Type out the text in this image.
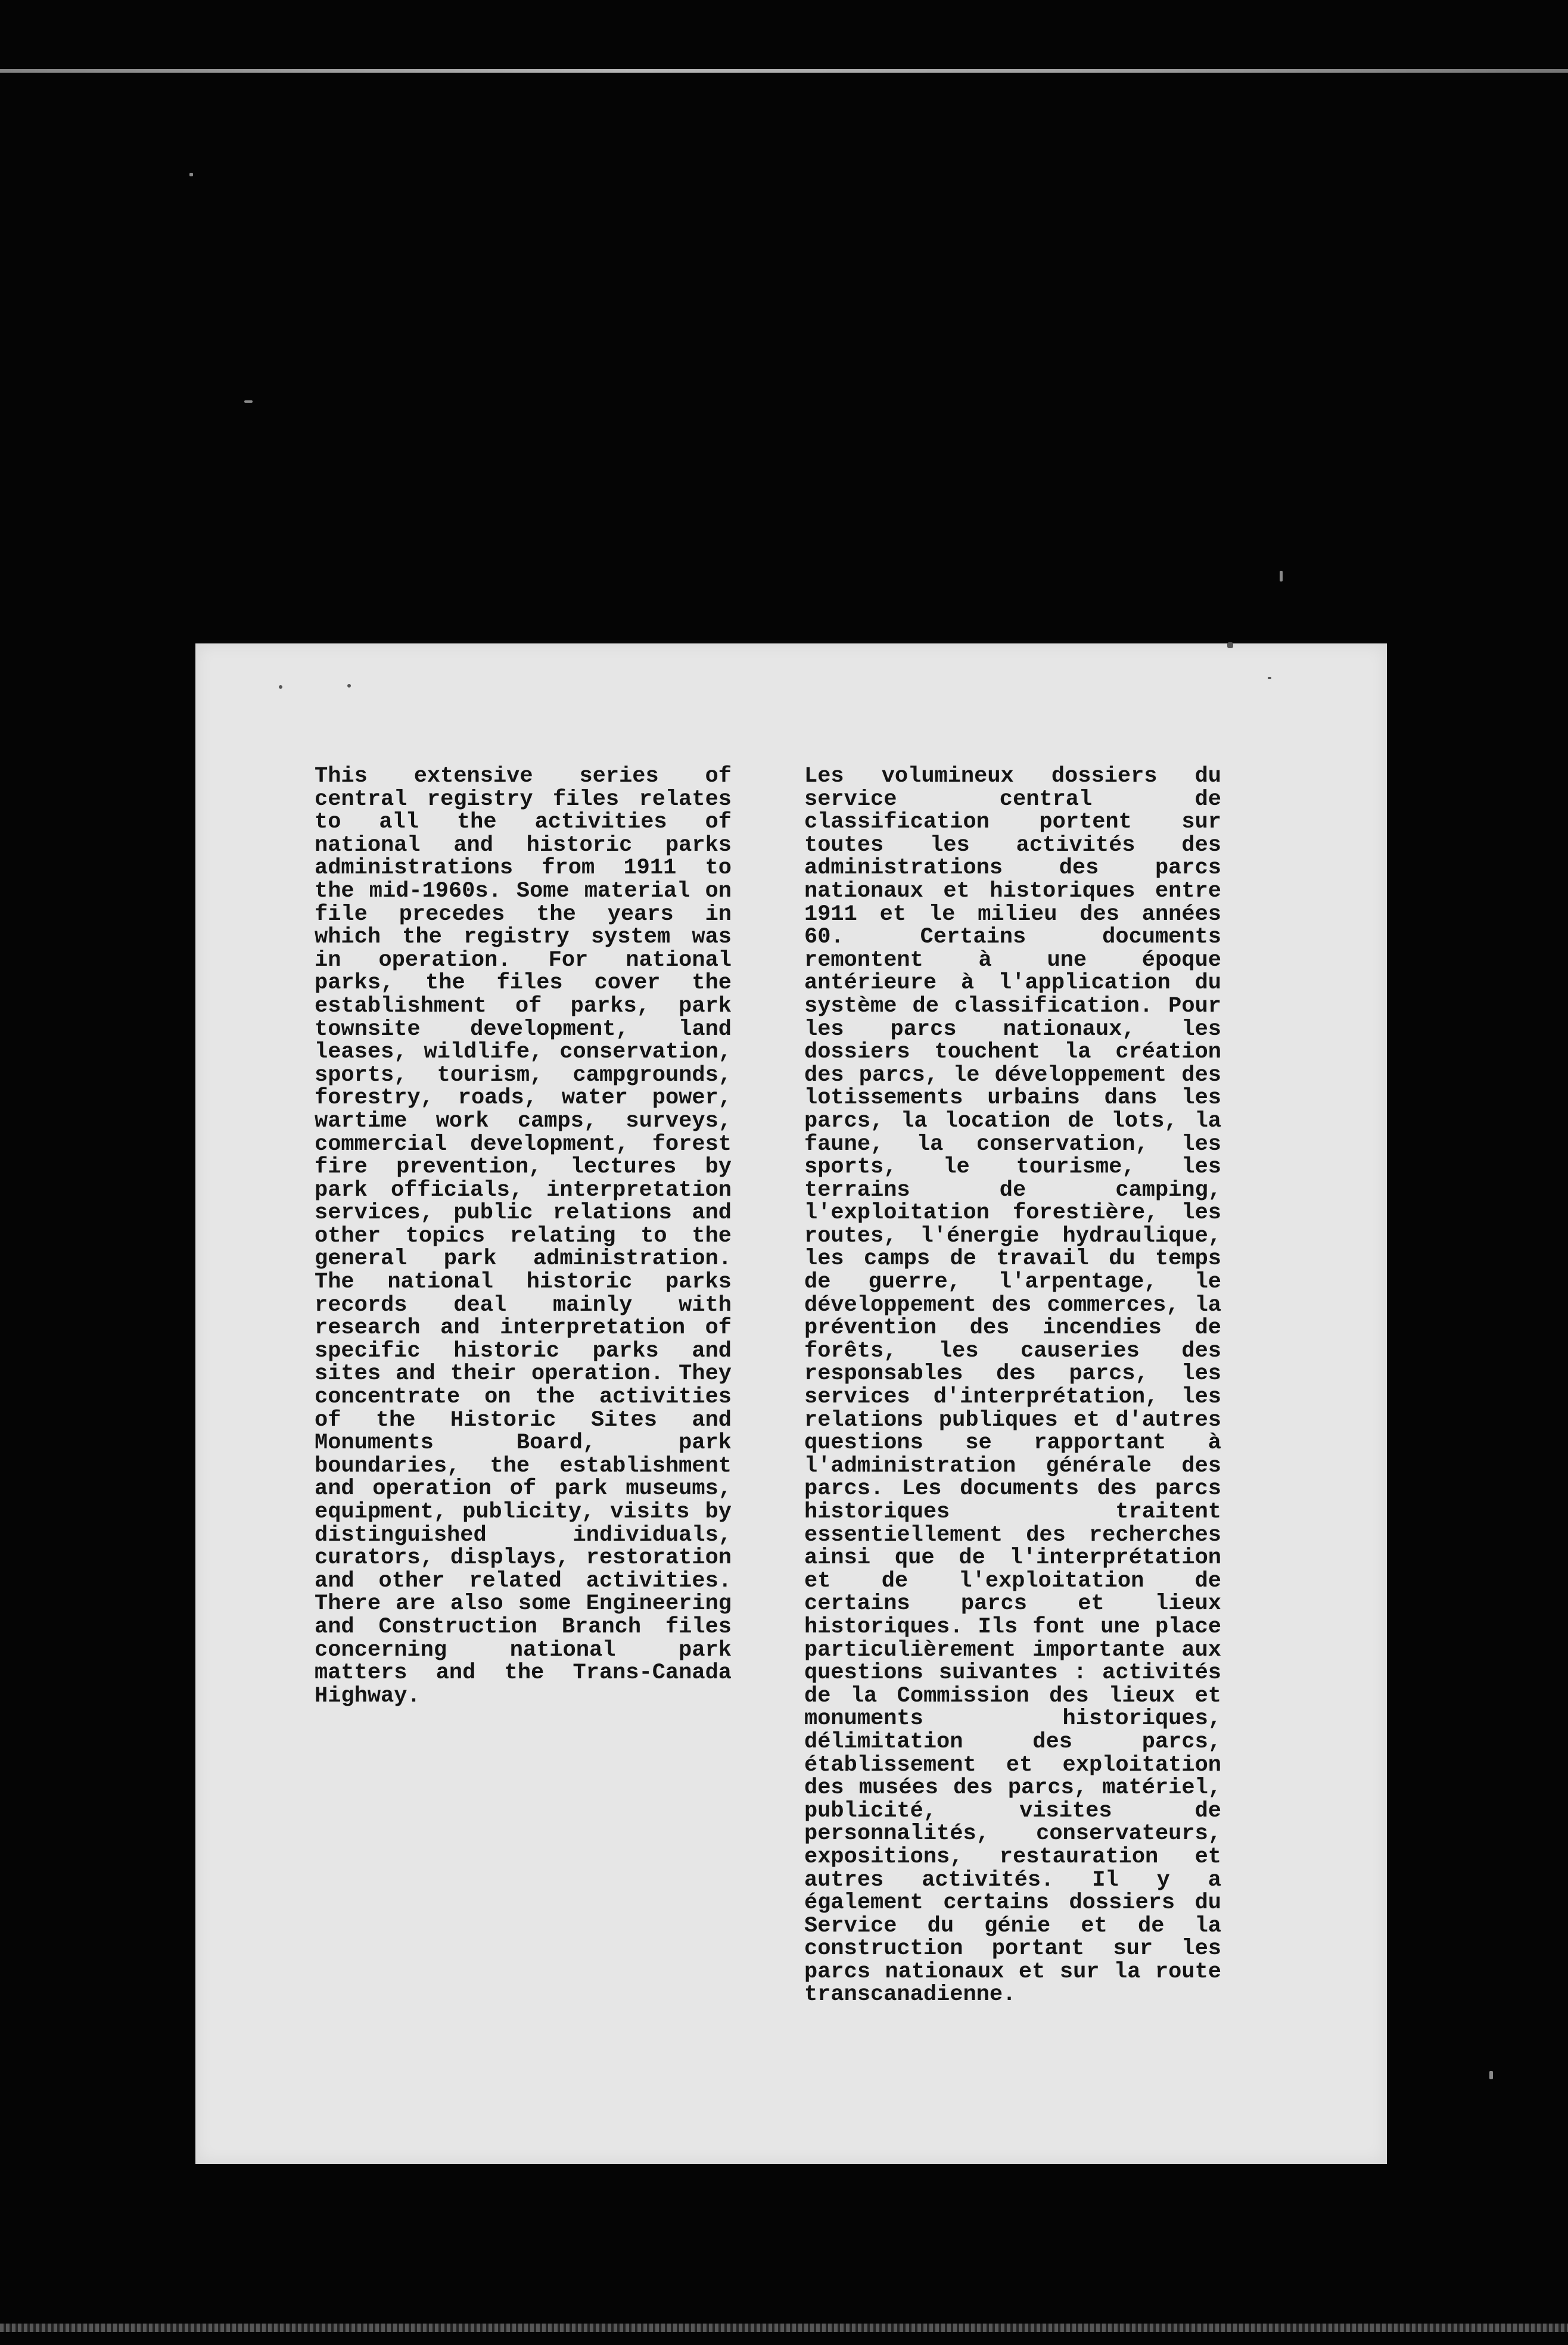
This extensive series of central registry files relates to all the activities of national and historic parks administrations from 1911 to the mid-1960s. Some material on file precedes the years in which the registry system was in operation. For national parks, the files cover the establishment of parks, park townsite development, land leases, wildlife, conservation, sports, tourism, campgrounds, forestry, roads, water power, wartime work camps, surveys, commercial development, forest fire prevention, lectures by park officials, interpretation services, public relations and other topics relating to the general park administration. The national historic parks records deal mainly with research and interpretation of specific historic parks and sites and their operation. They concentrate on the activities of the Historic Sites and Monuments Board, park boundaries, the establishment and operation of park museums, equipment, publicity, visits by distinguished individuals, curators, displays, restoration and other related activities. There are also some Engineering and Construction Branch files concerning national park matters and the Trans-Canada Highway.
Les volumineux dossiers du service central de classification portent sur toutes les activités des administrations des parcs nationaux et historiques entre 1911 et le milieu des années 60. Certains documents remontent à une époque antérieure à l'application du système de classification. Pour les parcs nationaux, les dossiers touchent la création des parcs, le développement des lotissements urbains dans les parcs, la location de lots, la faune, la conservation, les sports, le tourisme, les terrains de camping, l'exploitation forestière, les routes, l'énergie hydraulique, les camps de travail du temps de guerre, l'arpentage, le développement des commerces, la prévention des incendies de forêts, les causeries des responsables des parcs, les services d'interprétation, les relations publiques et d'autres questions se rapportant à l'administration générale des parcs. Les documents des parcs historiques traitent essentiellement des recherches ainsi que de l'interprétation et de l'exploitation de certains parcs et lieux historiques. Ils font une place particulièrement importante aux questions suivantes : activités de la Commission des lieux et monuments historiques, délimitation des parcs, établissement et exploitation des musées des parcs, matériel, publicité, visites de personnalités, conservateurs, expositions, restauration et autres activités. Il y a également certains dossiers du Service du génie et de la construction portant sur les parcs nationaux et sur la route transcanadienne.
